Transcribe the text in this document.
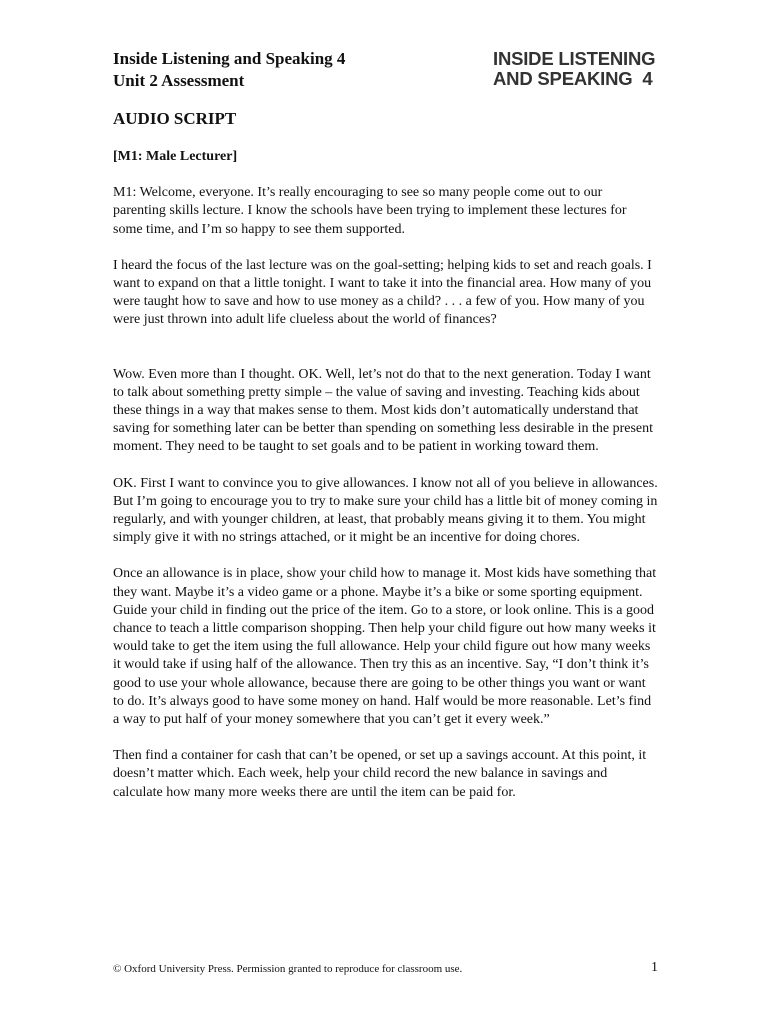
Inside Listening and Speaking 4
Unit 2 Assessment
INSIDE LISTENING
AND SPEAKING  4
AUDIO SCRIPT

[M1: Male Lecturer]

M1: Welcome, everyone. It’s really encouraging to see so many people come out to our parenting skills lecture. I know the schools have been trying to implement these lectures for some time, and I’m so happy to see them supported.

I heard the focus of the last lecture was on the goal-setting; helping kids to set and reach goals. I want to expand on that a little tonight. I want to take it into the financial area. How many of you were taught how to save and how to use money as a child? . . . a few of you. How many of you were just thrown into adult life clueless about the world of finances?

Wow. Even more than I thought. OK. Well, let’s not do that to the next generation. Today I want to talk about something pretty simple – the value of saving and investing. Teaching kids about these things in a way that makes sense to them. Most kids don’t automatically understand that saving for something later can be better than spending on something less desirable in the present moment. They need to be taught to set goals and to be patient in working toward them.

OK. First I want to convince you to give allowances. I know not all of you believe in allowances. But I’m going to encourage you to try to make sure your child has a little bit of money coming in regularly, and with younger children, at least, that probably means giving it to them. You might simply give it with no strings attached, or it might be an incentive for doing chores.

Once an allowance is in place, show your child how to manage it. Most kids have something that they want. Maybe it’s a video game or a phone. Maybe it’s a bike or some sporting equipment. Guide your child in finding out the price of the item. Go to a store, or look online. This is a good chance to teach a little comparison shopping. Then help your child figure out how many weeks it would take to get the item using the full allowance. Help your child figure out how many weeks it would take if using half of the allowance. Then try this as an incentive. Say, “I don’t think it’s good to use your whole allowance, because there are going to be other things you want or want to do. It’s always good to have some money on hand. Half would be more reasonable. Let’s find a way to put half of your money somewhere that you can’t get it every week.”

Then find a container for cash that can’t be opened, or set up a savings account. At this point, it doesn’t matter which. Each week, help your child record the new balance in savings and calculate how many more weeks there are until the item can be paid for.

© Oxford University Press. Permission granted to reproduce for classroom use.	1
